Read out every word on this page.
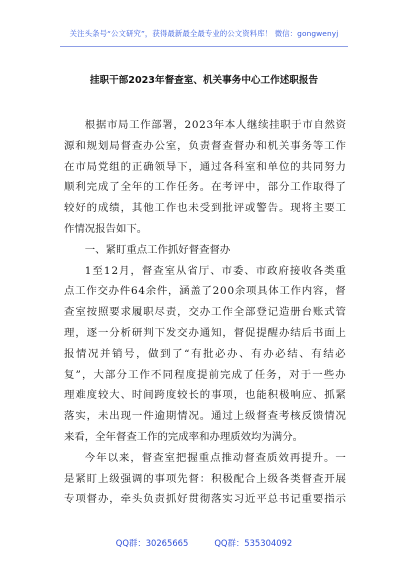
关注头条号“公文研究”，获得最新最全最专业的公文资料库！ 微信：gongwenyj
挂职干部2023年督查室、机关事务中心工作述职报告
根 据 市 局 工 作 部 署 ， 2 0 2 3 年 本 人 继 续 挂 职 于 市 自 然 资
源 和 规 划 局 督 查 办 公 室 ， 负 责 督 查 督 办 和 机 关 事 务 等 工 作
在 市 局 党 组 的 正 确 领 导 下 ， 通 过 各 科 室 和 单 位 的 共 同 努 力
顺 利 完 成 了 全 年 的 工 作 任 务 。 在 考 评 中 ， 部 分 工 作 取 得 了
较 好 的 成 绩 ， 其 他 工 作 也 未 受 到 批 评 或 警 告 。 现 将 主 要 工
作情况报告如下。
一、紧盯重点工作抓好督查督办
1 至 1 2 月 ， 督 查 室 从 省 厅 、 市 委 、 市 政 府 接 收 各 类 重
点 工 作 交 办 件 6 4 余 件 ， 涵 盖 了 2 0 0 余 项 具 体 工 作 内 容 ， 督
查 室 按 照 要 求 履 职 尽 责 ， 交 办 工 作 全 部 登 记 造 册 台 账 式 管
理 ， 逐 一 分 析 研 判 下 发 交 办 通 知 ， 督 促 提 醒 办 结 后 书 面 上
报 情 况 并 销 号 ， 做 到 了 “ 有 批 必 办 、 有 办 必 结 、 有 结 必
复 ” ， 大 部 分 工 作 不 同 程 度 提 前 完 成 了 任 务 ， 对 于 一 些 办
理 难 度 较 大 、 时 间 跨 度 较 长 的 事 项 ， 也 能 积 极 响 应 、 抓 紧
落 实 ， 未 出 现 一 件 逾 期 情 况 。 通 过 上 级 督 查 考 核 反 馈 情 况
来看，全年督查工作的完成率和办理质效均为满分。
今 年 以 来 ， 督 查 室 把 握 重 点 推 动 督 查 质 效 再 提 升 。 一
是 紧 盯 上 级 强 调 的 事 项 先 督 ： 积 极 配 合 上 级 各 类 督 查 开 展
专 项 督 办 ， 牵 头 负 责 抓 好 贯 彻 落 实 习 近 平 总 书 记 重 要 指 示
QQ群：30265665	QQ群：535304092
